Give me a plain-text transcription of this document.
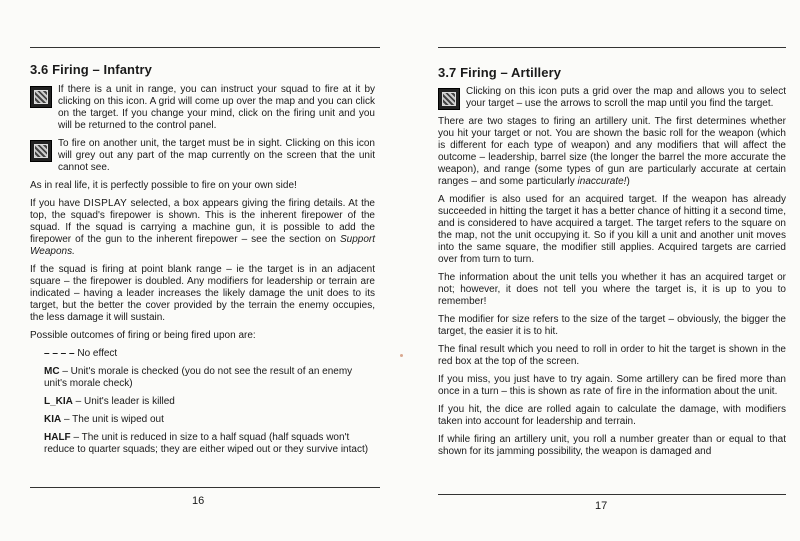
3.6 Firing – Infantry
If there is a unit in range, you can instruct your squad to fire at it by clicking on this icon. A grid will come up over the map and you can click on the target. If you change your mind, click on the firing unit and you will be returned to the control panel.
To fire on another unit, the target must be in sight. Clicking on this icon will grey out any part of the map currently on the screen that the unit cannot see.

As in real life, it is perfectly possible to fire on your own side!

If you have DISPLAY selected, a box appears giving the firing details. At the top, the squad's firepower is shown. This is the inherent firepower of the squad. If the squad is carrying a machine gun, it is possible to add the firepower of the gun to the inherent firepower – see the section on Support Weapons.

If the squad is firing at point blank range – ie the target is in an adjacent square – the firepower is doubled. Any modifiers for leadership or terrain are indicated – having a leader increases the likely damage the unit does to its target, but the better the cover provided by the terrain the enemy occupies, the less damage it will sustain.

Possible outcomes of firing or being fired upon are:

– – – – No effect
MC – Unit's morale is checked (you do not see the result of an enemy unit's morale check)
L_KIA – Unit's leader is killed
KIA – The unit is wiped out
HALF – The unit is reduced in size to a half squad (half squads won't reduce to quarter squads; they are either wiped out or they survive intact)
16
3.7 Firing – Artillery
Clicking on this icon puts a grid over the map and allows you to select your target – use the arrows to scroll the map until you find the target.

There are two stages to firing an artillery unit. The first determines whether you hit your target or not. You are shown the basic roll for the weapon (which is different for each type of weapon) and any modifiers that will affect the outcome – leadership, barrel size (the longer the barrel the more accurate the weapon), and range (some types of gun are particularly accurate at certain ranges – and some particularly inaccurate!)

A modifier is also used for an acquired target. If the weapon has already succeeded in hitting the target it has a better chance of hitting it a second time, and is considered to have acquired a target. The target refers to the square on the map, not the unit occupying it. So if you kill a unit and another unit moves into the same square, the modifier still applies. Acquired targets are carried over from turn to turn.

The information about the unit tells you whether it has an acquired target or not; however, it does not tell you where the target is, it is up to you to remember!

The modifier for size refers to the size of the target – obviously, the bigger the target, the easier it is to hit.

The final result which you need to roll in order to hit the target is shown in the red box at the top of the screen.

If you miss, you just have to try again. Some artillery can be fired more than once in a turn – this is shown as rate of fire in the information about the unit.

If you hit, the dice are rolled again to calculate the damage, with modifiers taken into account for leadership and terrain.

If while firing an artillery unit, you roll a number greater than or equal to that shown for its jamming possibility, the weapon is damaged and

17
